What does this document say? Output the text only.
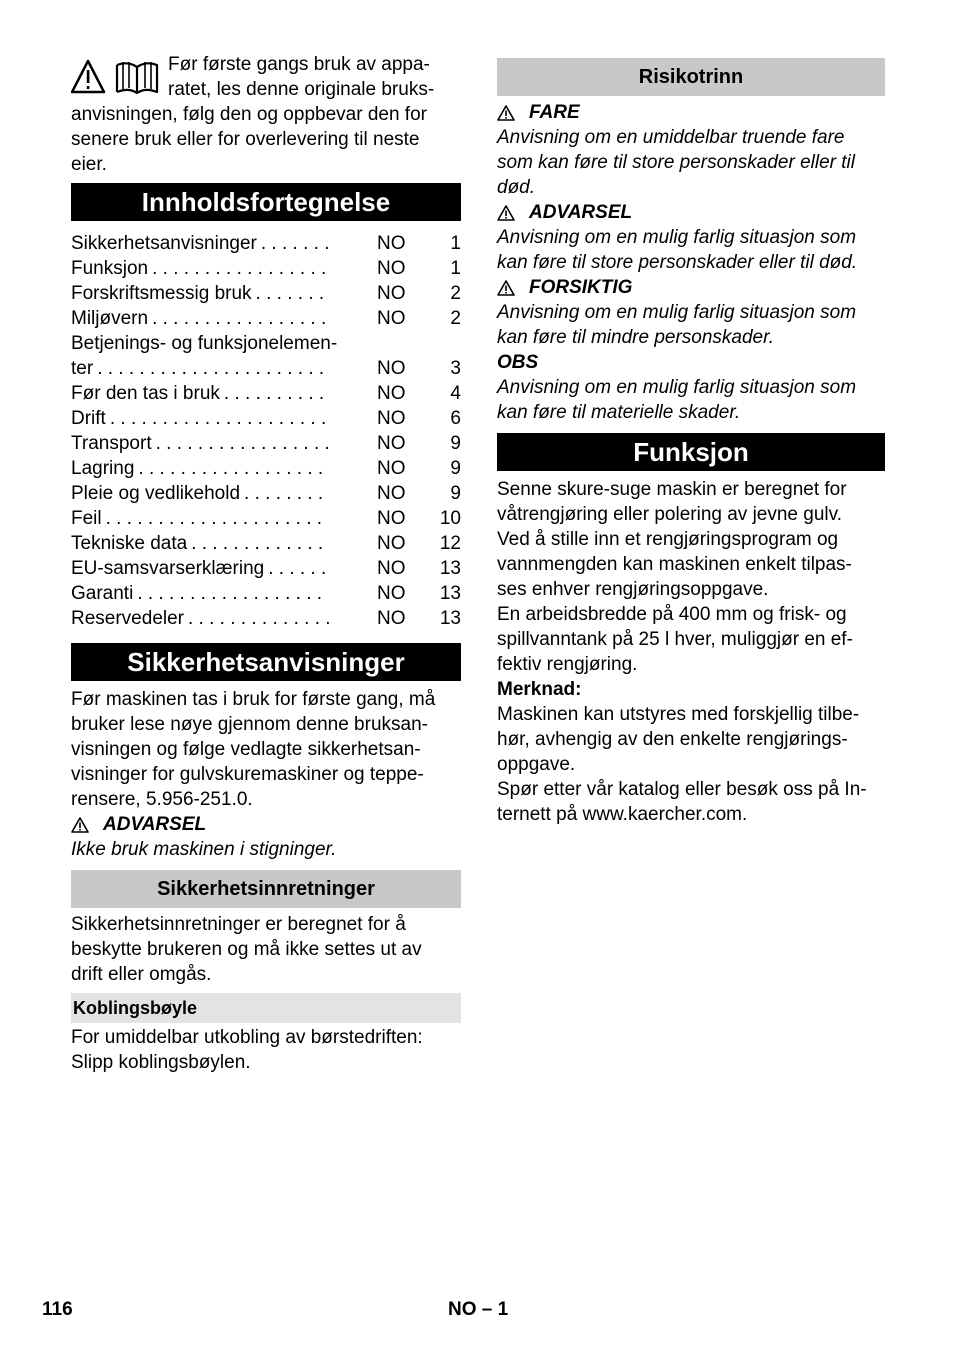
Før første gangs bruk av appa-
ratet, les denne originale bruks-
anvisningen, følg den og oppbevar den for
senere bruk eller for overlevering til neste
eier.
Innholdsfortegnelse
Sikkerhetsanvisninger . . . . . . .	NO	1
Funksjon . . . . . . . . . . . . . . . . .	NO	1
Forskriftsmessig bruk . . . . . . .	NO	2
Miljøvern . . . . . . . . . . . . . . . . .	NO	2
Betjenings- og funksjonelemen-
ter . . . . . . . . . . . . . . . . . . . . . .	NO	3
Før den tas i bruk . . . . . . . . . .	NO	4
Drift . . . . . . . . . . . . . . . . . . . . .	NO	6
Transport . . . . . . . . . . . . . . . . .	NO	9
Lagring . . . . . . . . . . . . . . . . . .	NO	9
Pleie og vedlikehold . . . . . . . .	NO	9
Feil . . . . . . . . . . . . . . . . . . . . .	NO	10
Tekniske data . . . . . . . . . . . . .	NO	12
EU-samsvarserklæring . . . . . .	NO	13
Garanti . . . . . . . . . . . . . . . . . .	NO	13
Reservedeler . . . . . . . . . . . . . .	NO	13
Sikkerhetsanvisninger

Før maskinen tas i bruk for første gang, må

bruker lese nøye gjennom denne bruksan-

visningen og følge vedlagte sikkerhetsan-

visninger for gulvskuremaskiner og teppe-

rensere, 5.956-251.0.

ADVARSEL

Ikke bruk maskinen i stigninger.

Sikkerhetsinnretninger

Sikkerhetsinnretninger er beregnet for å

beskytte brukeren og må ikke settes ut av

drift eller omgås.

Koblingsbøyle

For umiddelbar utkobling av børstedriften:

Slipp koblingsbøylen.

Risikotrinn
FARE

Anvisning om en umiddelbar truende fare

som kan føre til store personskader eller til

død.

ADVARSEL

Anvisning om en mulig farlig situasjon som

kan føre til store personskader eller til død.

FORSIKTIG

Anvisning om en mulig farlig situasjon som

kan føre til mindre personskader.

OBS

Anvisning om en mulig farlig situasjon som

kan føre til materielle skader.

Funksjon

Senne skure-suge maskin er beregnet for

våtrengjøring eller polering av jevne gulv.

Ved å stille inn et rengjøringsprogram og

vannmengden kan maskinen enkelt tilpas-

ses enhver rengjøringsoppgave.

En arbeidsbredde på 400 mm og frisk- og

spillvanntank på 25 l hver, muliggjør en ef-

fektiv rengjøring.

Merknad:

Maskinen kan utstyres med forskjellig tilbe-

hør, avhengig av den enkelte rengjørings-

oppgave.

Spør etter vår katalog eller besøk oss på In-

ternett på www.kaercher.com.

116	NO – 1
